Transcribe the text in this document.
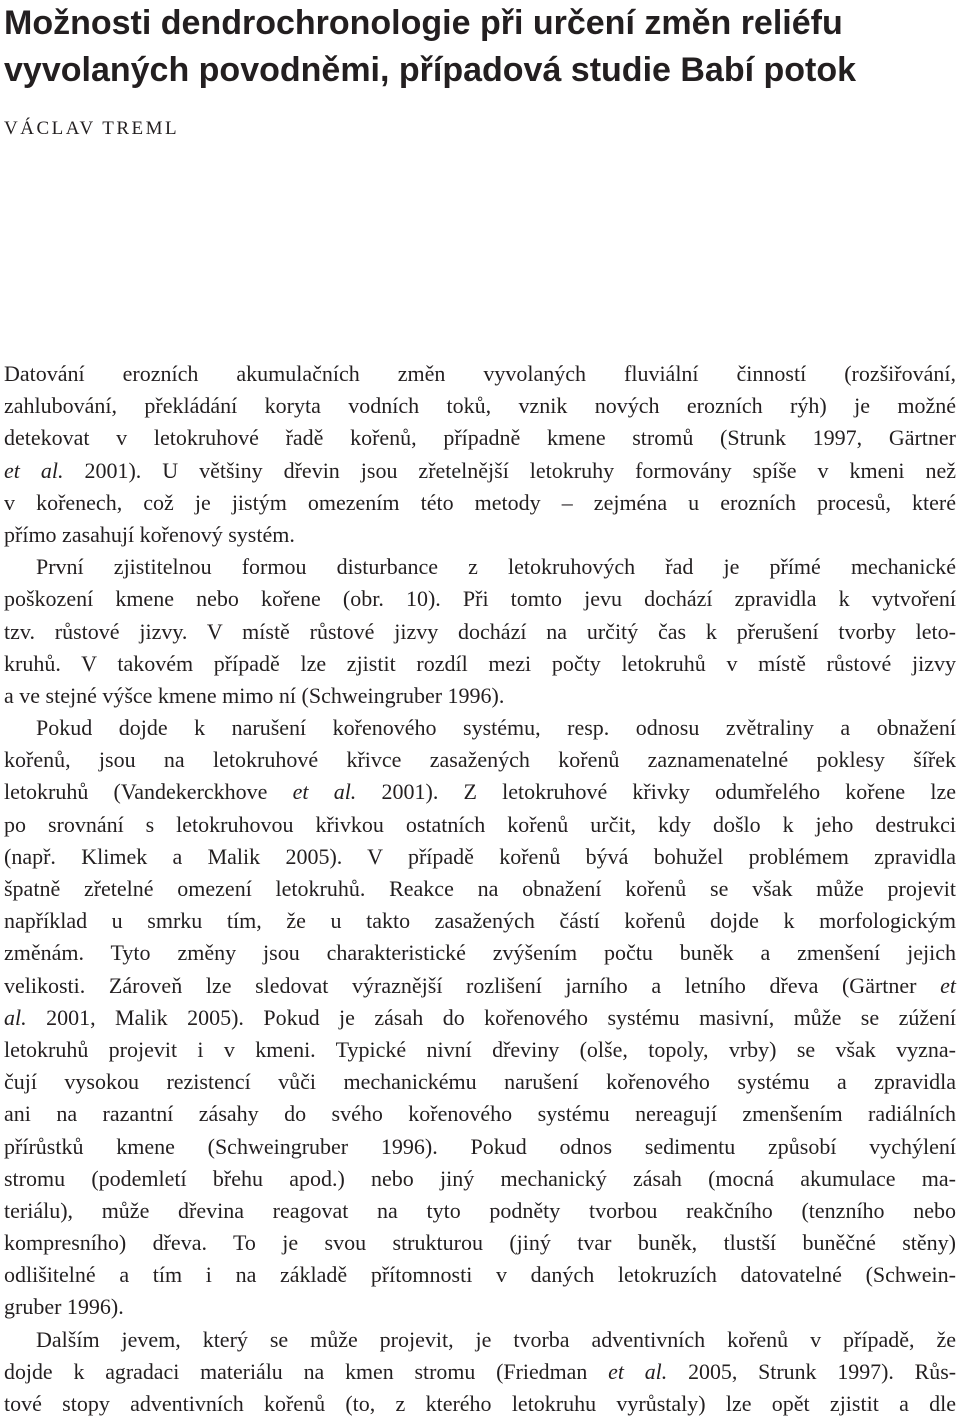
Možnosti dendrochronologie při určení změn reliéfu
vyvolaných povodněmi, případová studie Babí potok
VÁCLAV TREML
Datování erozních akumulačních změn vyvolaných fluviální činností (rozšiřování,
zahlubování, překládání koryta vodních toků, vznik nových erozních rýh) je možné
detekovat v letokruhové řadě kořenů, případně kmene stromů (Strunk 1997, Gärtner
et al. 2001). U většiny dřevin jsou zřetelnější letokruhy formovány spíše v kmeni než
v kořenech, což je jistým omezením této metody – zejména u erozních procesů, které
přímo zasahují kořenový systém.
První zjistitelnou formou disturbance z letokruhových řad je přímé mechanické
poškození kmene nebo kořene (obr. 10). Při tomto jevu dochází zpravidla k vytvoření
tzv. růstové jizvy. V místě růstové jizvy dochází na určitý čas k přerušení tvorby leto-
kruhů. V takovém případě lze zjistit rozdíl mezi počty letokruhů v místě růstové jizvy
a ve stejné výšce kmene mimo ní (Schweingruber 1996).
Pokud dojde k narušení kořenového systému, resp. odnosu zvětraliny a obnažení
kořenů, jsou na letokruhové křivce zasažených kořenů zaznamenatelné poklesy šířek
letokruhů (Vandekerckhove et al. 2001). Z letokruhové křivky odumřelého kořene lze
po srovnání s letokruhovou křivkou ostatních kořenů určit, kdy došlo k jeho destrukci
(např. Klimek a Malik 2005). V případě kořenů bývá bohužel problémem zpravidla
špatně zřetelné omezení letokruhů. Reakce na obnažení kořenů se však může projevit
například u smrku tím, že u takto zasažených částí kořenů dojde k morfologickým
změnám. Tyto změny jsou charakteristické zvýšením počtu buněk a zmenšení jejich
velikosti. Zároveň lze sledovat výraznější rozlišení jarního a letního dřeva (Gärtner et
al. 2001, Malik 2005). Pokud je zásah do kořenového systému masivní, může se zúžení
letokruhů projevit i v kmeni. Typické nivní dřeviny (olše, topoly, vrby) se však vyzna-
čují vysokou rezistencí vůči mechanickému narušení kořenového systému a zpravidla
ani na razantní zásahy do svého kořenového systému nereagují zmenšením radiálních
přírůstků kmene (Schweingruber 1996). Pokud odnos sedimentu způsobí vychýlení
stromu (podemletí břehu apod.) nebo jiný mechanický zásah (mocná akumulace ma-
teriálu), může dřevina reagovat na tyto podněty tvorbou reakčního (tenzního nebo
kompresního) dřeva. To je svou strukturou (jiný tvar buněk, tlustší buněčné stěny)
odlišitelné a tím i na základě přítomnosti v daných letokruzích datovatelné (Schwein-
gruber 1996).
Dalším jevem, který se může projevit, je tvorba adventivních kořenů v případě, že
dojde k agradaci materiálu na kmen stromu (Friedman et al. 2005, Strunk 1997). Růs-
tové stopy adventivních kořenů (to, z kterého letokruhu vyrůstaly) lze opět zjistit a dle
